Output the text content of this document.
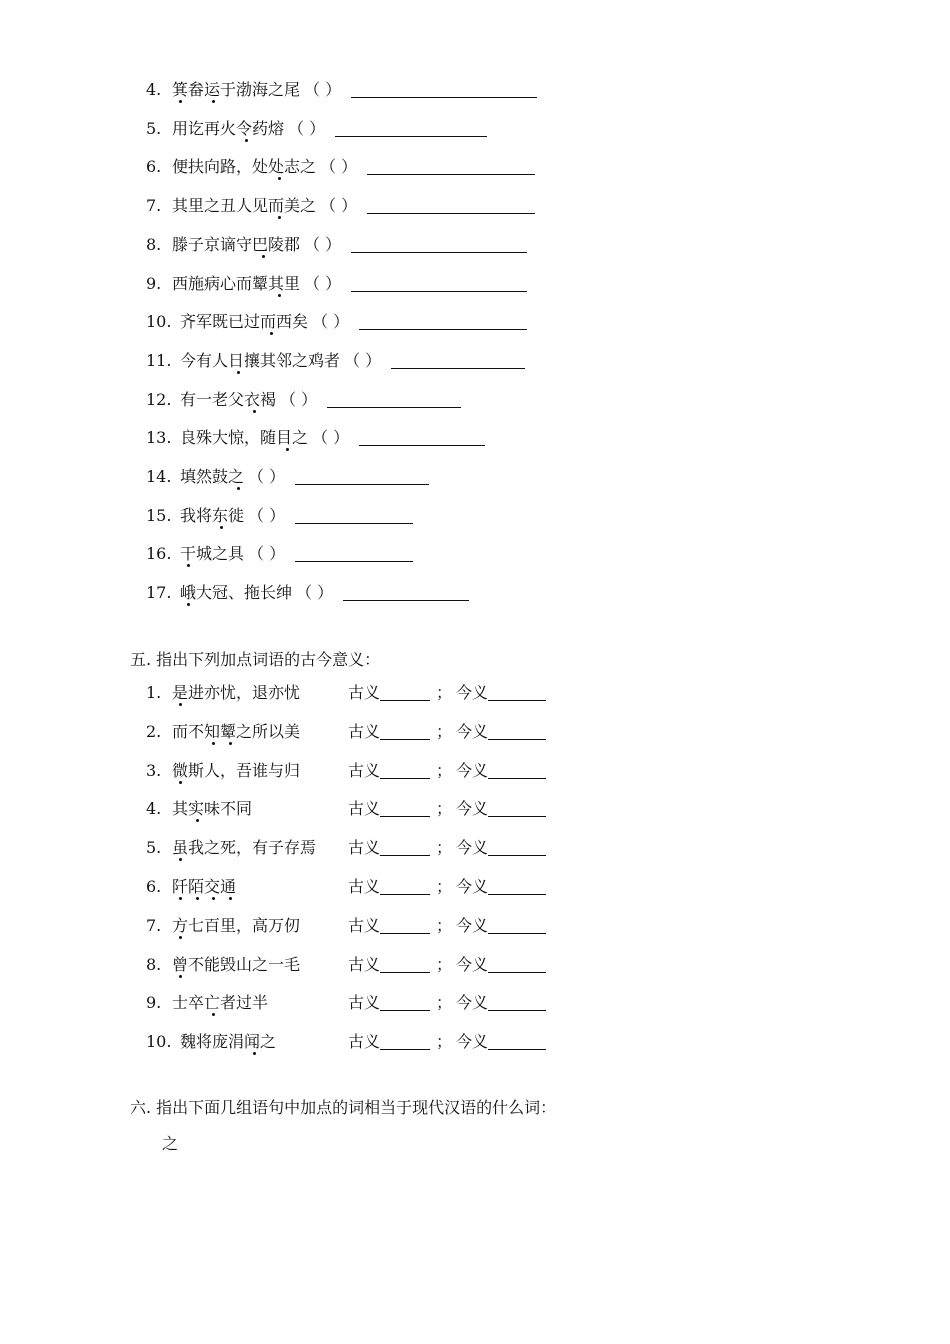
4. 箕畚运于渤海之尾 （ ）
5. 用讫再火令药熔 （ ）
6. 便扶向路，处处志之 （ ）
7. 其里之丑人见而美之 （ ）
8. 滕子京谪守巴陵郡 （ ）
9. 西施病心而颦其里 （ ）
10. 齐军既已过而西矣 （ ）
11. 今有人日攘其邻之鸡者 （ ）
12. 有一老父衣褐 （ ）
13. 良殊大惊，随目之 （ ）
14. 填然鼓之 （ ）
15. 我将东徙 （ ）
16. 干城之具 （ ）
17. 峨大冠、拖长绅 （ ）
五. 指出下列加点词语的古今意义：
1. 是进亦忧，退亦忧	古义	； 今义
2. 而不知颦之所以美	古义	； 今义
3. 微斯人，吾谁与归	古义	； 今义
4. 其实味不同	古义	； 今义
5. 虽我之死，有子存焉 古义	； 今义
6. 阡陌交通	古义	； 今义
7. 方七百里，高万仞	古义	； 今义
8. 曾不能毁山之一毛	古义	； 今义
9. 士卒亡者过半	古义	； 今义
10. 魏将庞涓闻之	古义	； 今义
六. 指出下面几组语句中加点的词相当于现代汉语的什么词：
之
